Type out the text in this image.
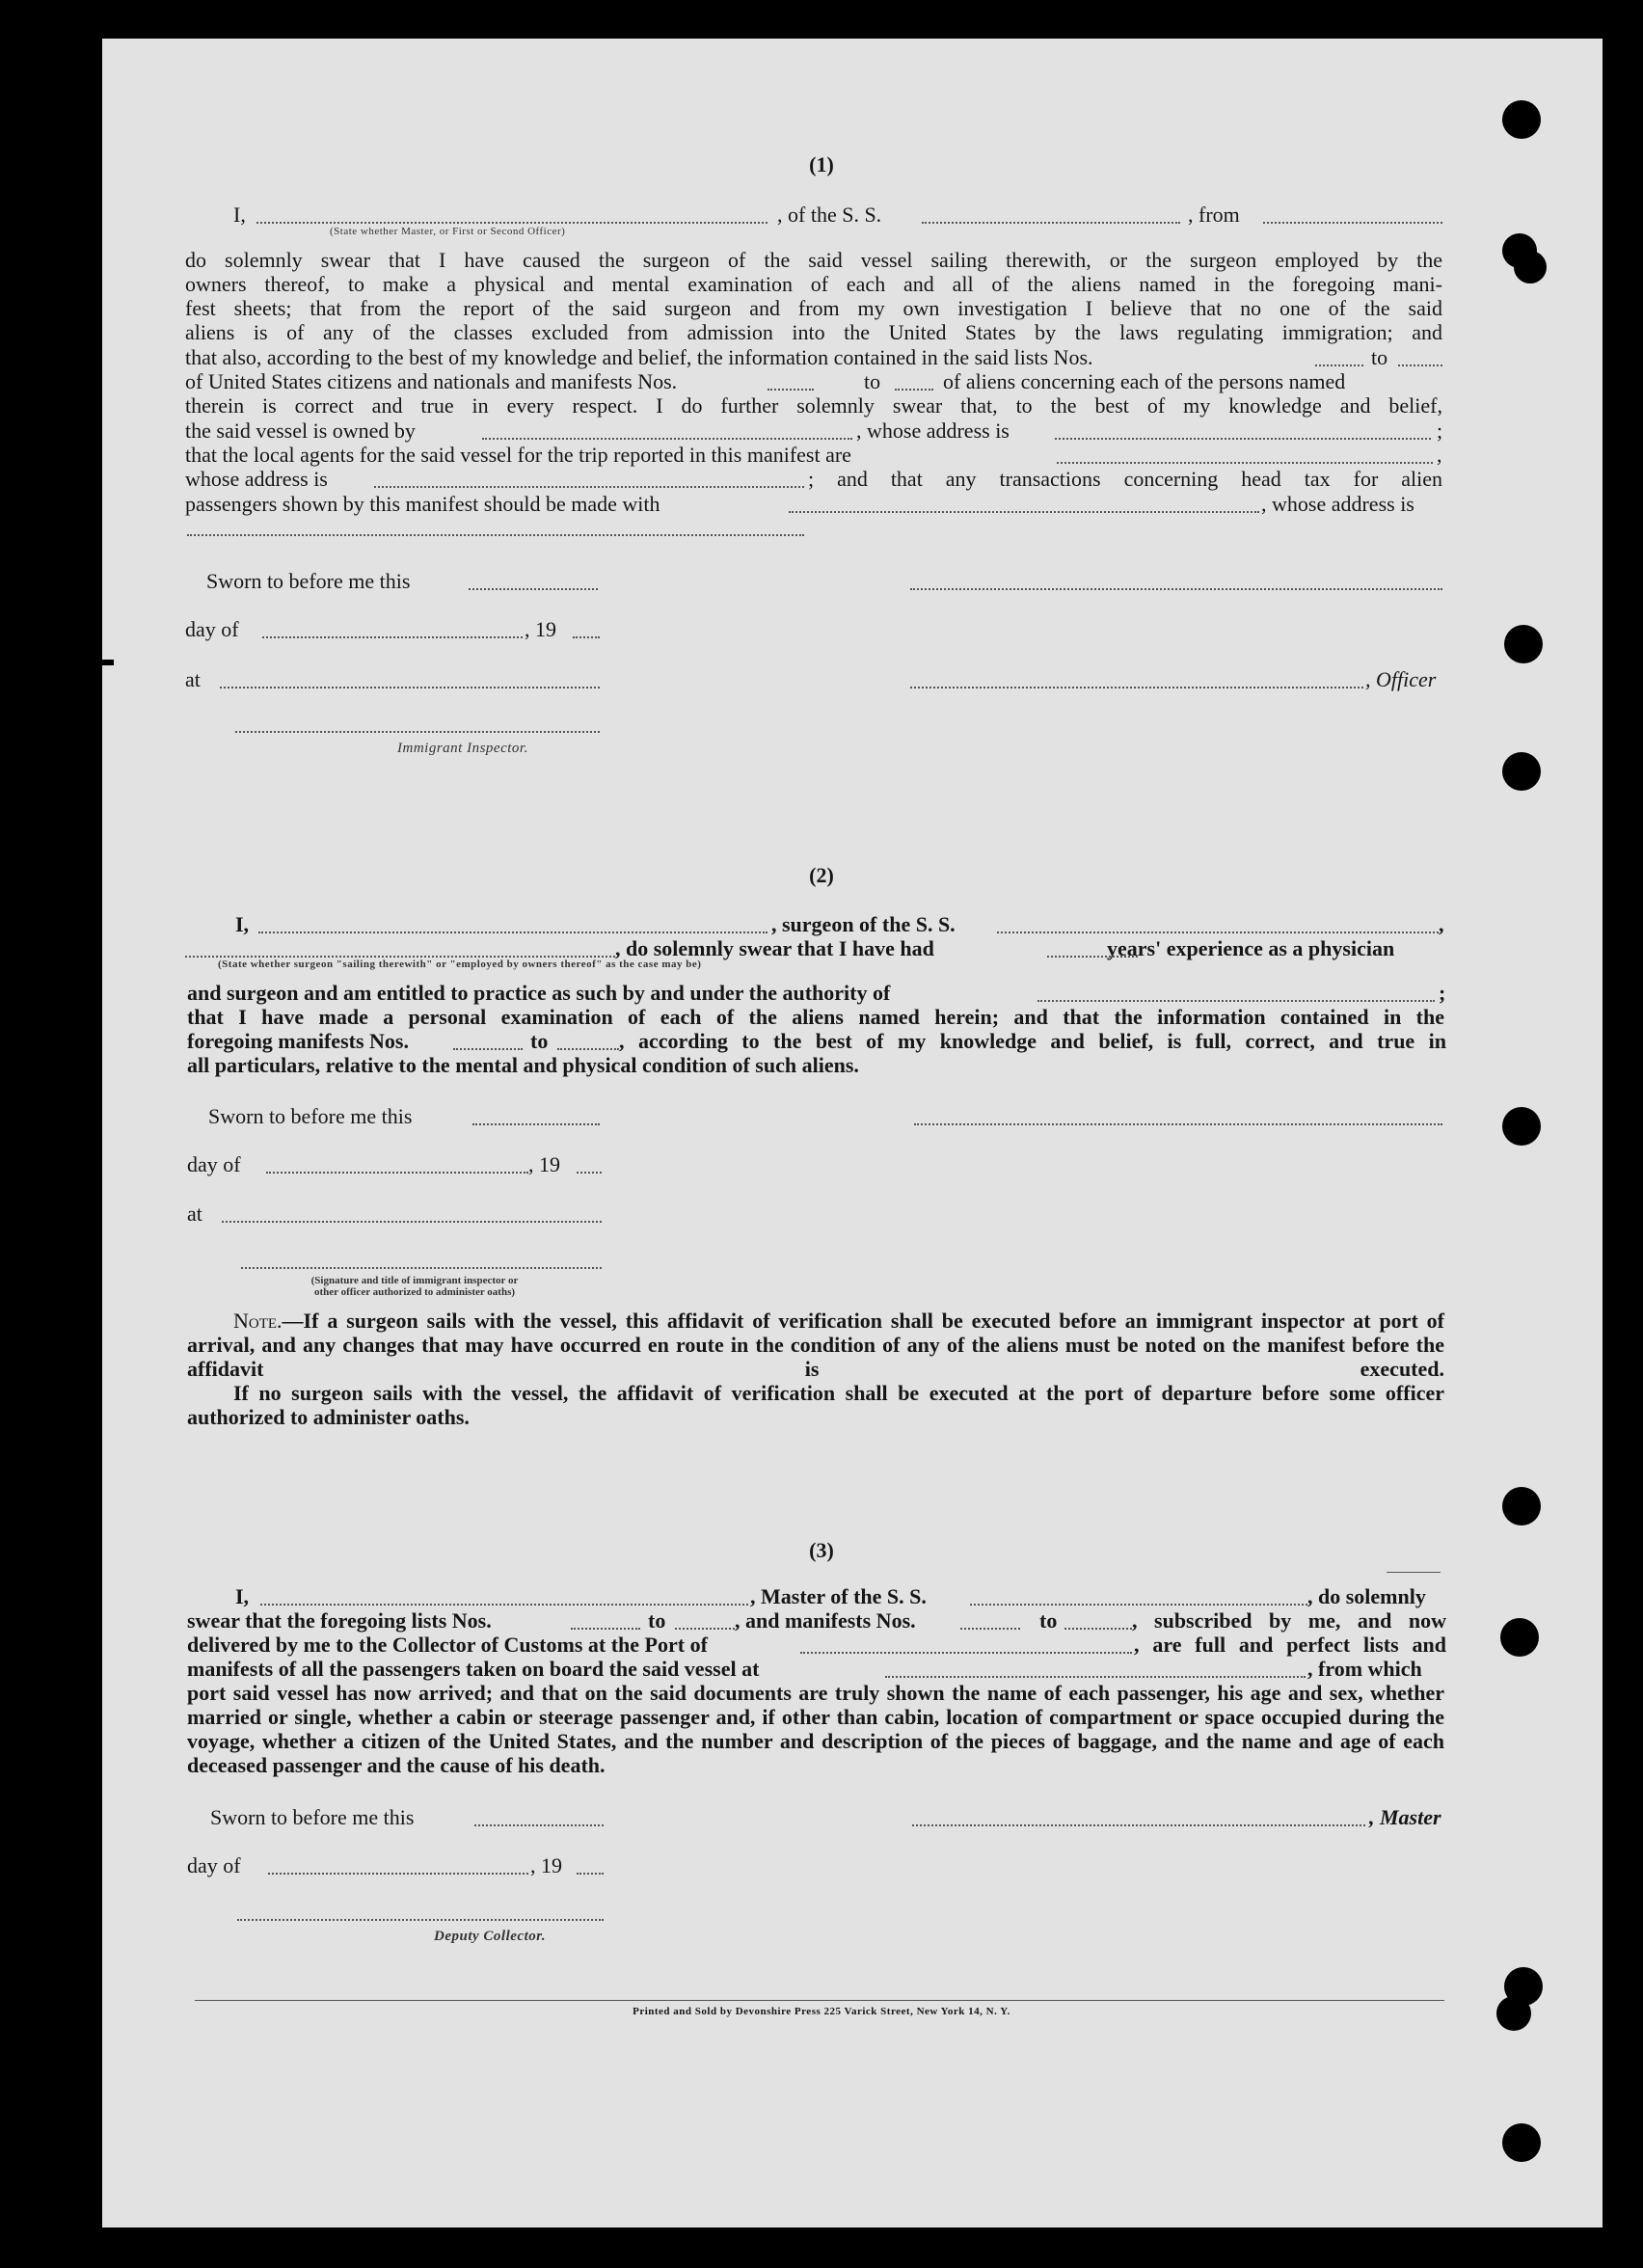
(1)
I,	, of the S. S.	, from
(State whether Master, or First or Second Officer)
do solemnly swear that I have caused the surgeon of the said vessel sailing therewith, or the surgeon employed by the
owners thereof, to make a physical and mental examination of each and all of the aliens named in the foregoing mani-
fest sheets; that from the report of the said surgeon and from my own investigation I believe that no one of the said
aliens is of any of the classes excluded from admission into the United States by the laws regulating immigration; and
that also, according to the best of my knowledge and belief, the information contained in the said lists Nos.	to
of United States citizens and nationals and manifests Nos.	to	of aliens concerning each of the persons named
therein is correct and true in every respect. I do further solemnly swear that, to the best of my knowledge and belief,
the said vessel is owned by	, whose address is	;
that the local agents for the said vessel for the trip reported in this manifest are	,
whose address is	; and that any transactions concerning head tax for alien
passengers shown by this manifest should be made with	, whose address is
Sworn to before me this
day of	, 19
at	, Officer
Immigrant Inspector.
(2)
I,	, surgeon of the S. S.	,
, do solemnly swear that I have had	years' experience as a physician
(State whether surgeon "sailing therewith" or "employed by owners thereof" as the case may be)
and surgeon and am entitled to practice as such by and under the authority of	;
that I have made a personal examination of each of the aliens named herein; and that the information contained in the
foregoing manifests Nos.	to	, according to the best of my knowledge and belief, is full, correct, and true in
all particulars, relative to the mental and physical condition of such aliens.
Sworn to before me this
day of	, 19
at
(Signature and title of immigrant inspector or
other officer authorized to administer oaths)
Note.—If a surgeon sails with the vessel, this affidavit of verification shall be executed before an immigrant inspector at port of arrival, and any changes that may have occurred en route in the condition of any of the aliens must be noted on the manifest before the affidavit is executed.
If no surgeon sails with the vessel, the affidavit of verification shall be executed at the port of departure before some officer authorized to administer oaths.
(3)
I,	, Master of the S. S.	, do solemnly
swear that the foregoing lists Nos.	to	, and manifests Nos.	to	, subscribed by me, and now
delivered by me to the Collector of Customs at the Port of	, are full and perfect lists and
manifests of all the passengers taken on board the said vessel at	, from which
port said vessel has now arrived; and that on the said documents are truly shown the name of each passenger, his age and sex, whether married or single, whether a cabin or steerage passenger and, if other than cabin, location of compartment or space occupied during the voyage, whether a citizen of the United States, and the number and description of the pieces of baggage, and the name and age of each deceased passenger and the cause of his death.
Sworn to before me this	, Master
day of	, 19
Deputy Collector.
Printed and Sold by Devonshire Press 225 Varick Street, New York 14, N. Y.
